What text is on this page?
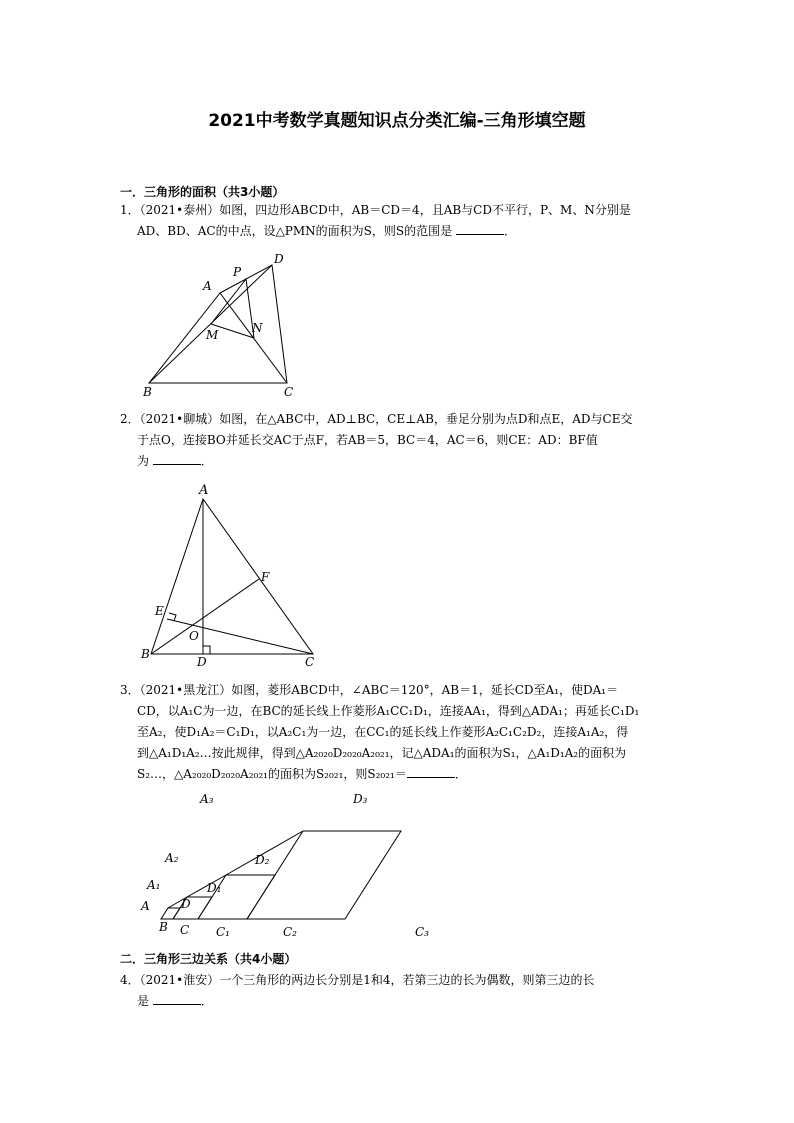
2021中考数学真题知识点分类汇编-三角形填空题
一．三角形的面积（共3小题）
1．（2021•泰州）如图，四边形ABCD中，AB＝CD＝4，且AB与CD不平行，P、M、N分别是
AD、BD、AC的中点，设△PMN的面积为S，则S的范围是	．
A
P
D
M	N
B	C
2．（2021•聊城）如图，在△ABC中，AD⊥BC，CE⊥AB，垂足分别为点D和点E，AD与CE交
于点O，连接BO并延长交AC于点F，若AB＝5，BC＝4，AC＝6，则CE：AD：BF值
为	．
A
F
E
O
B
D	C
3．（2021•黑龙江）如图，菱形ABCD中，∠ABC＝120°，AB＝1，延长CD至A₁，使DA₁＝
CD，以A₁C为一边，在BC的延长线上作菱形A₁CC₁D₁，连接AA₁，得到△ADA₁；再延长C₁D₁
至A₂，使D₁A₂＝C₁D₁，以A₂C₁为一边，在CC₁的延长线上作菱形A₂C₁C₂D₂，连接A₁A₂，得
到△A₁D₁A₂…按此规律，得到△A₂₀₂₀D₂₀₂₀A₂₀₂₁，记△ADA₁的面积为S₁，△A₁D₁A₂的面积为
S₂…，△A₂₀₂₀D₂₀₂₀A₂₀₂₁的面积为S₂₀₂₁，则S₂₀₂₁＝	．
A₃	D₃
A₂	D₂
A₁	D₁
A	D
B C C₁	C₂	C₃
二．三角形三边关系（共4小题）
4．（2021•淮安）一个三角形的两边长分别是1和4，若第三边的长为偶数，则第三边的长
是	．
